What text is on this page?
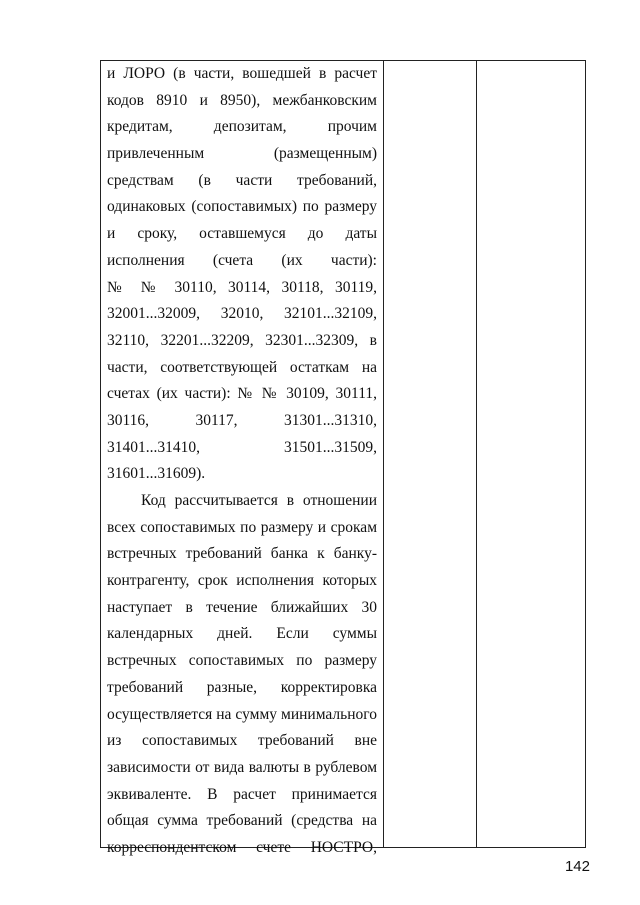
и ЛОРО (в части, вошедшей в расчет
кодов 8910 и 8950), межбанковским
кредитам, депозитам, прочим
привлеченным (размещенным)
средствам (в части требований,
одинаковых (сопоставимых) по размеру
и сроку, оставшемуся до даты
исполнения (счета (их части):
№ № 30110, 30114, 30118, 30119,
32001...32009, 32010, 32101...32109,
32110, 32201...32209, 32301...32309, в
части, соответствующей остаткам на
счетах (их части): № № 30109, 30111,
30116, 30117, 31301...31310,
31401...31410, 31501...31509,
31601...31609).
Код рассчитывается в отношении
всех сопоставимых по размеру и срокам
встречных требований банка к банку-
контрагенту, срок исполнения которых
наступает в течение ближайших 30
календарных дней. Если суммы
встречных сопоставимых по размеру
требований разные, корректировка
осуществляется на сумму минимального
из сопоставимых требований вне
зависимости от вида валюты в рублевом
эквиваленте. В расчет принимается
общая сумма требований (средства на
корреспондентском счете НОСТРО,
142
